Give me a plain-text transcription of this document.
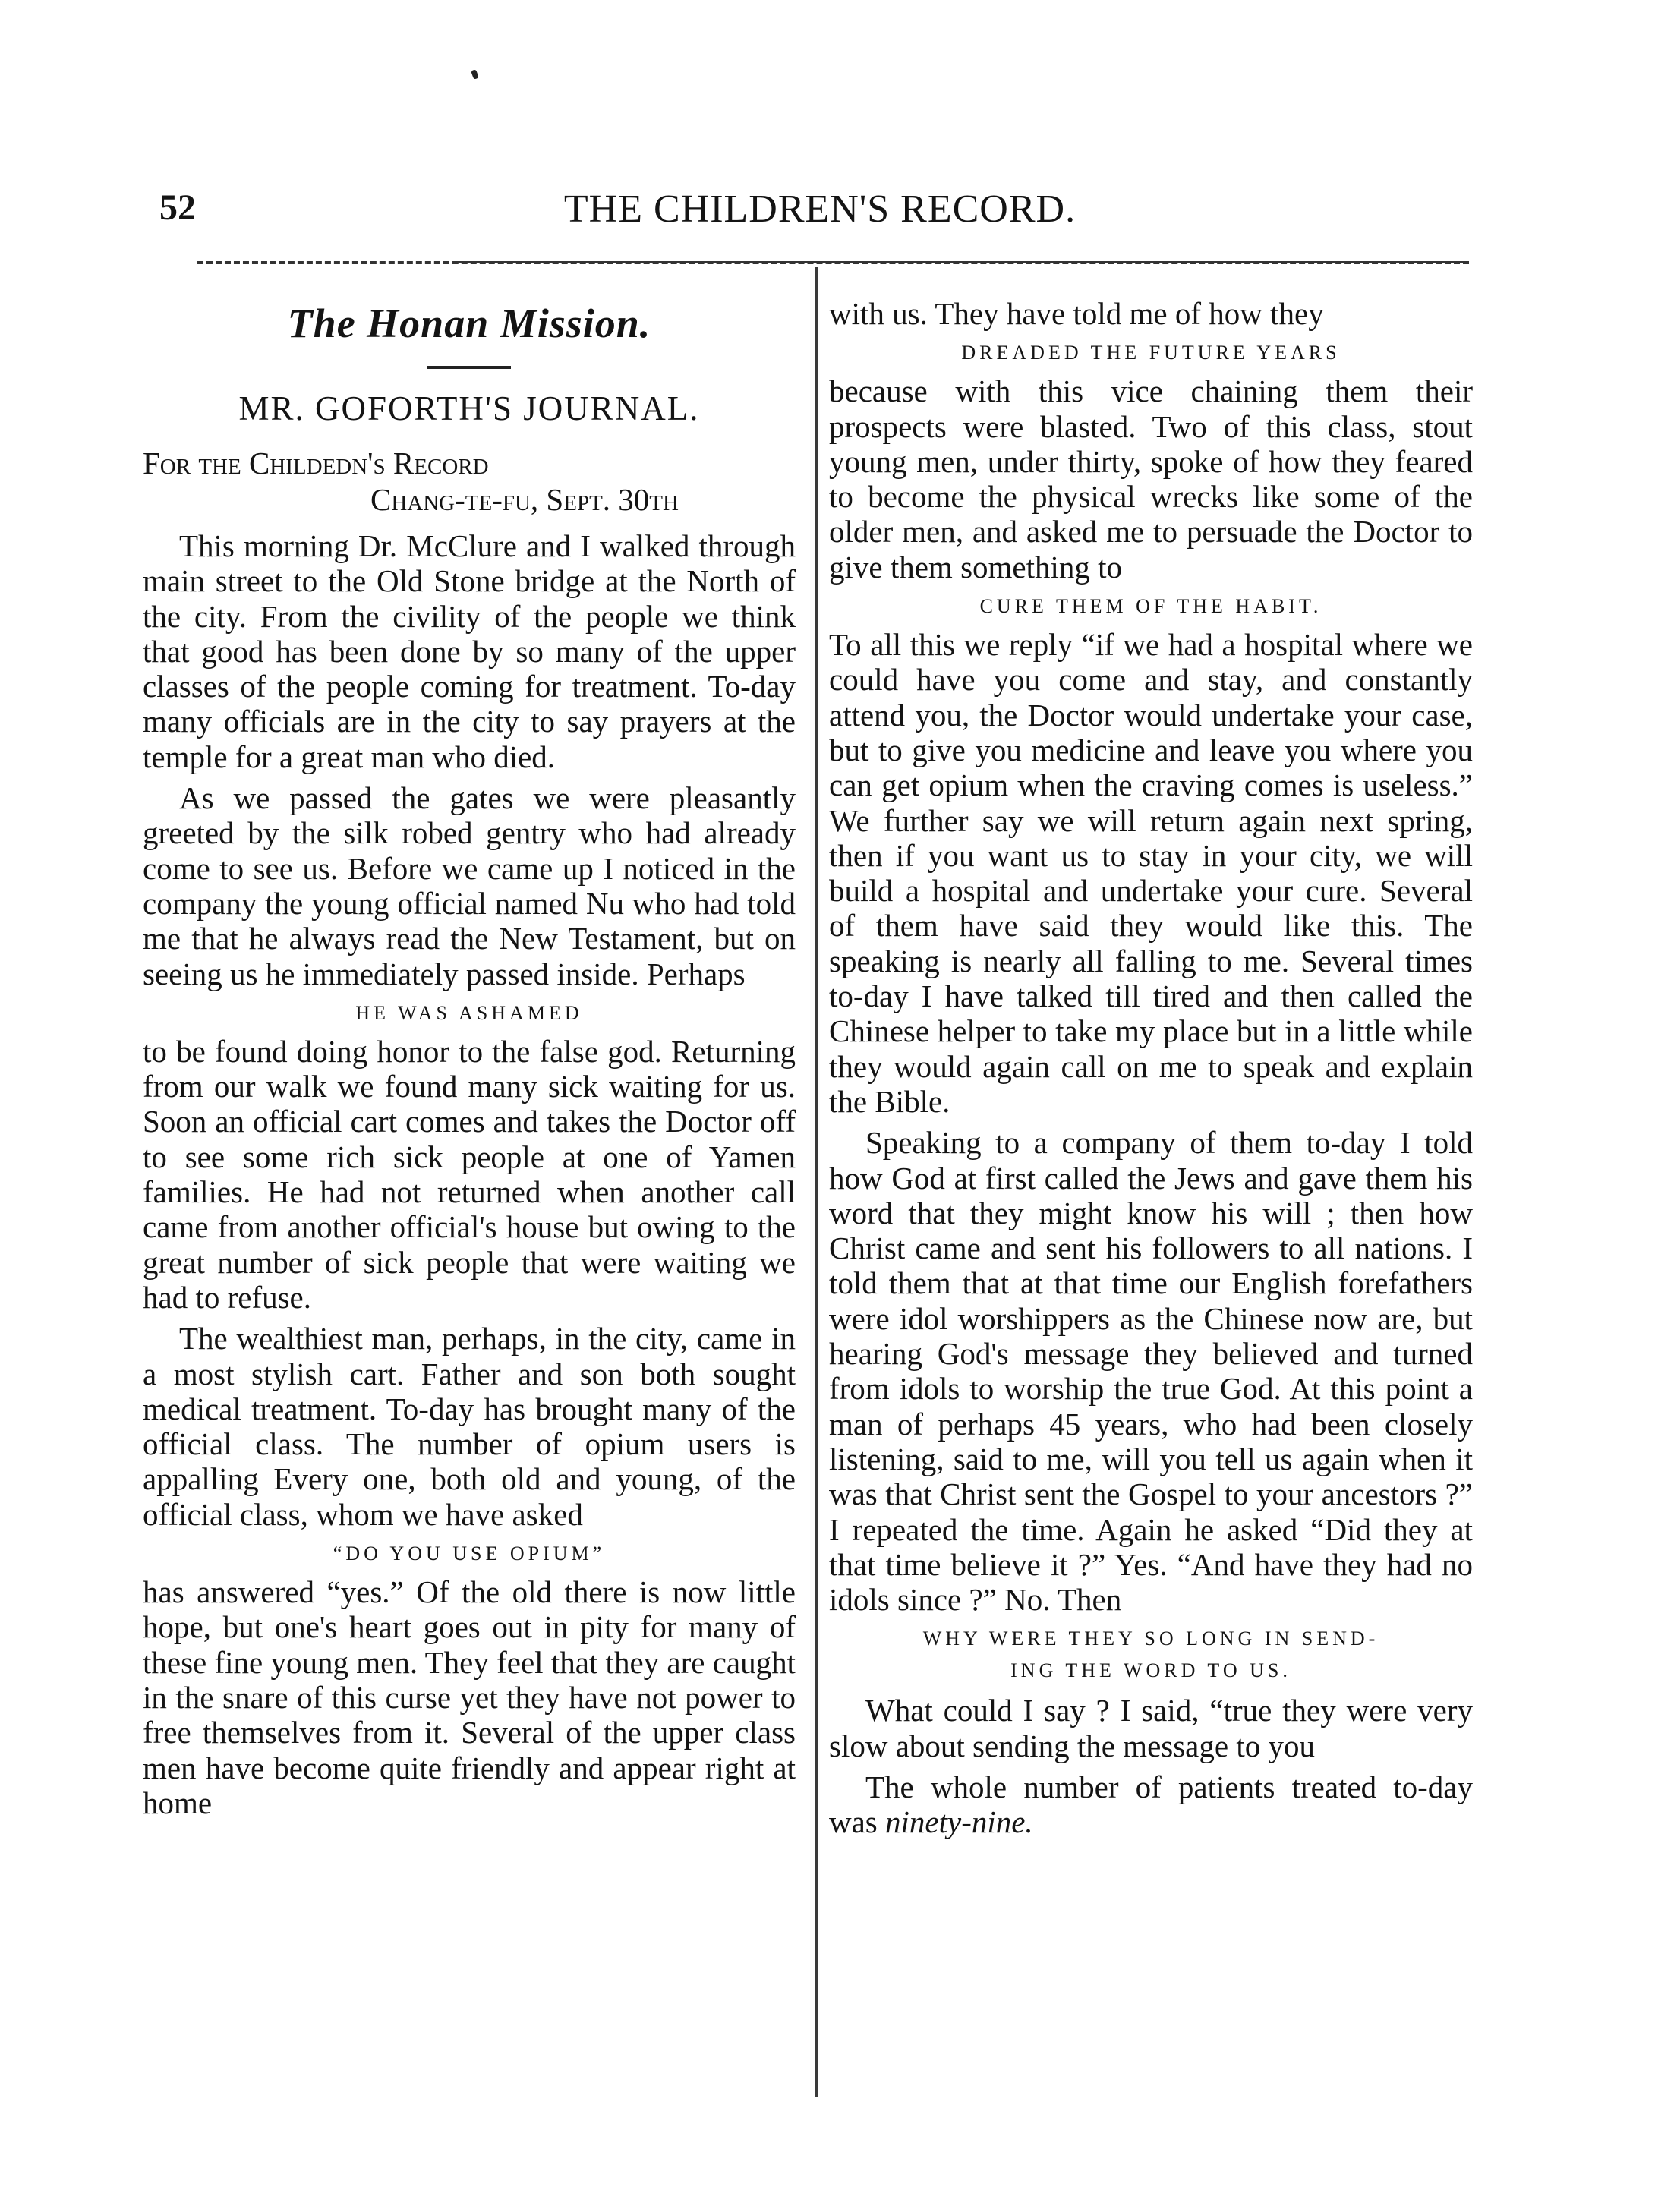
52	THE CHILDREN'S RECORD.
The Honan Mission.
MR. GOFORTH'S JOURNAL.
For the Childedn's Record
Chang-te-fu, Sept. 30th

This morning Dr. McClure and I walked through main street to the Old Stone bridge at the North of the city. From the civility of the people we think that good has been done by so many of the upper classes of the people coming for treatment. To-day many officials are in the city to say prayers at the temple for a great man who died.

As we passed the gates we were pleasantly greeted by the silk robed gentry who had already come to see us. Before we came up I noticed in the company the young official named Nu who had told me that he always read the New Testament, but on seeing us he immediately passed inside. Perhaps

HE WAS ASHAMED

to be found doing honor to the false god. Returning from our walk we found many sick waiting for us. Soon an official cart comes and takes the Doctor off to see some rich sick people at one of Yamen families. He had not returned when another call came from another official's house but owing to the great number of sick people that were waiting we had to refuse.

The wealthiest man, perhaps, in the city, came in a most stylish cart. Father and son both sought medical treatment. To-day has brought many of the official class. The number of opium users is appalling Every one, both old and young, of the official class, whom we have asked

“DO YOU USE OPIUM”

has answered “yes.” Of the old there is now little hope, but one's heart goes out in pity for many of these fine young men. They feel that they are caught in the snare of this curse yet they have not power to free themselves from it. Several of the upper class men have become quite friendly and appear right at home

with us. They have told me of how they

DREADED THE FUTURE YEARS

because with this vice chaining them their prospects were blasted. Two of this class, stout young men, under thirty, spoke of how they feared to become the physical wrecks like some of the older men, and asked me to persuade the Doctor to give them something to

CURE THEM OF THE HABIT.

To all this we reply “if we had a hospital where we could have you come and stay, and constantly attend you, the Doctor would undertake your case, but to give you medicine and leave you where you can get opium when the craving comes is useless.” We further say we will return again next spring, then if you want us to stay in your city, we will build a hospital and undertake your cure. Several of them have said they would like this. The speaking is nearly all falling to me. Several times to-day I have talked till tired and then called the Chinese helper to take my place but in a little while they would again call on me to speak and explain the Bible.

Speaking to a company of them to-day I told how God at first called the Jews and gave them his word that they might know his will ; then how Christ came and sent his followers to all nations. I told them that at that time our English forefathers were idol worshippers as the Chinese now are, but hearing God's message they believed and turned from idols to worship the true God. At this point a man of perhaps 45 years, who had been closely listening, said to me, will you tell us again when it was that Christ sent the Gospel to your ancestors ?” I repeated the time. Again he asked “Did they at that time believe it ?” Yes. “And have they had no idols since ?” No. Then

WHY WERE THEY SO LONG IN SEND-
ING THE WORD TO US.

What could I say ? I said, “true they were very slow about sending the message to you

The whole number of patients treated to-day was ninety-nine.
